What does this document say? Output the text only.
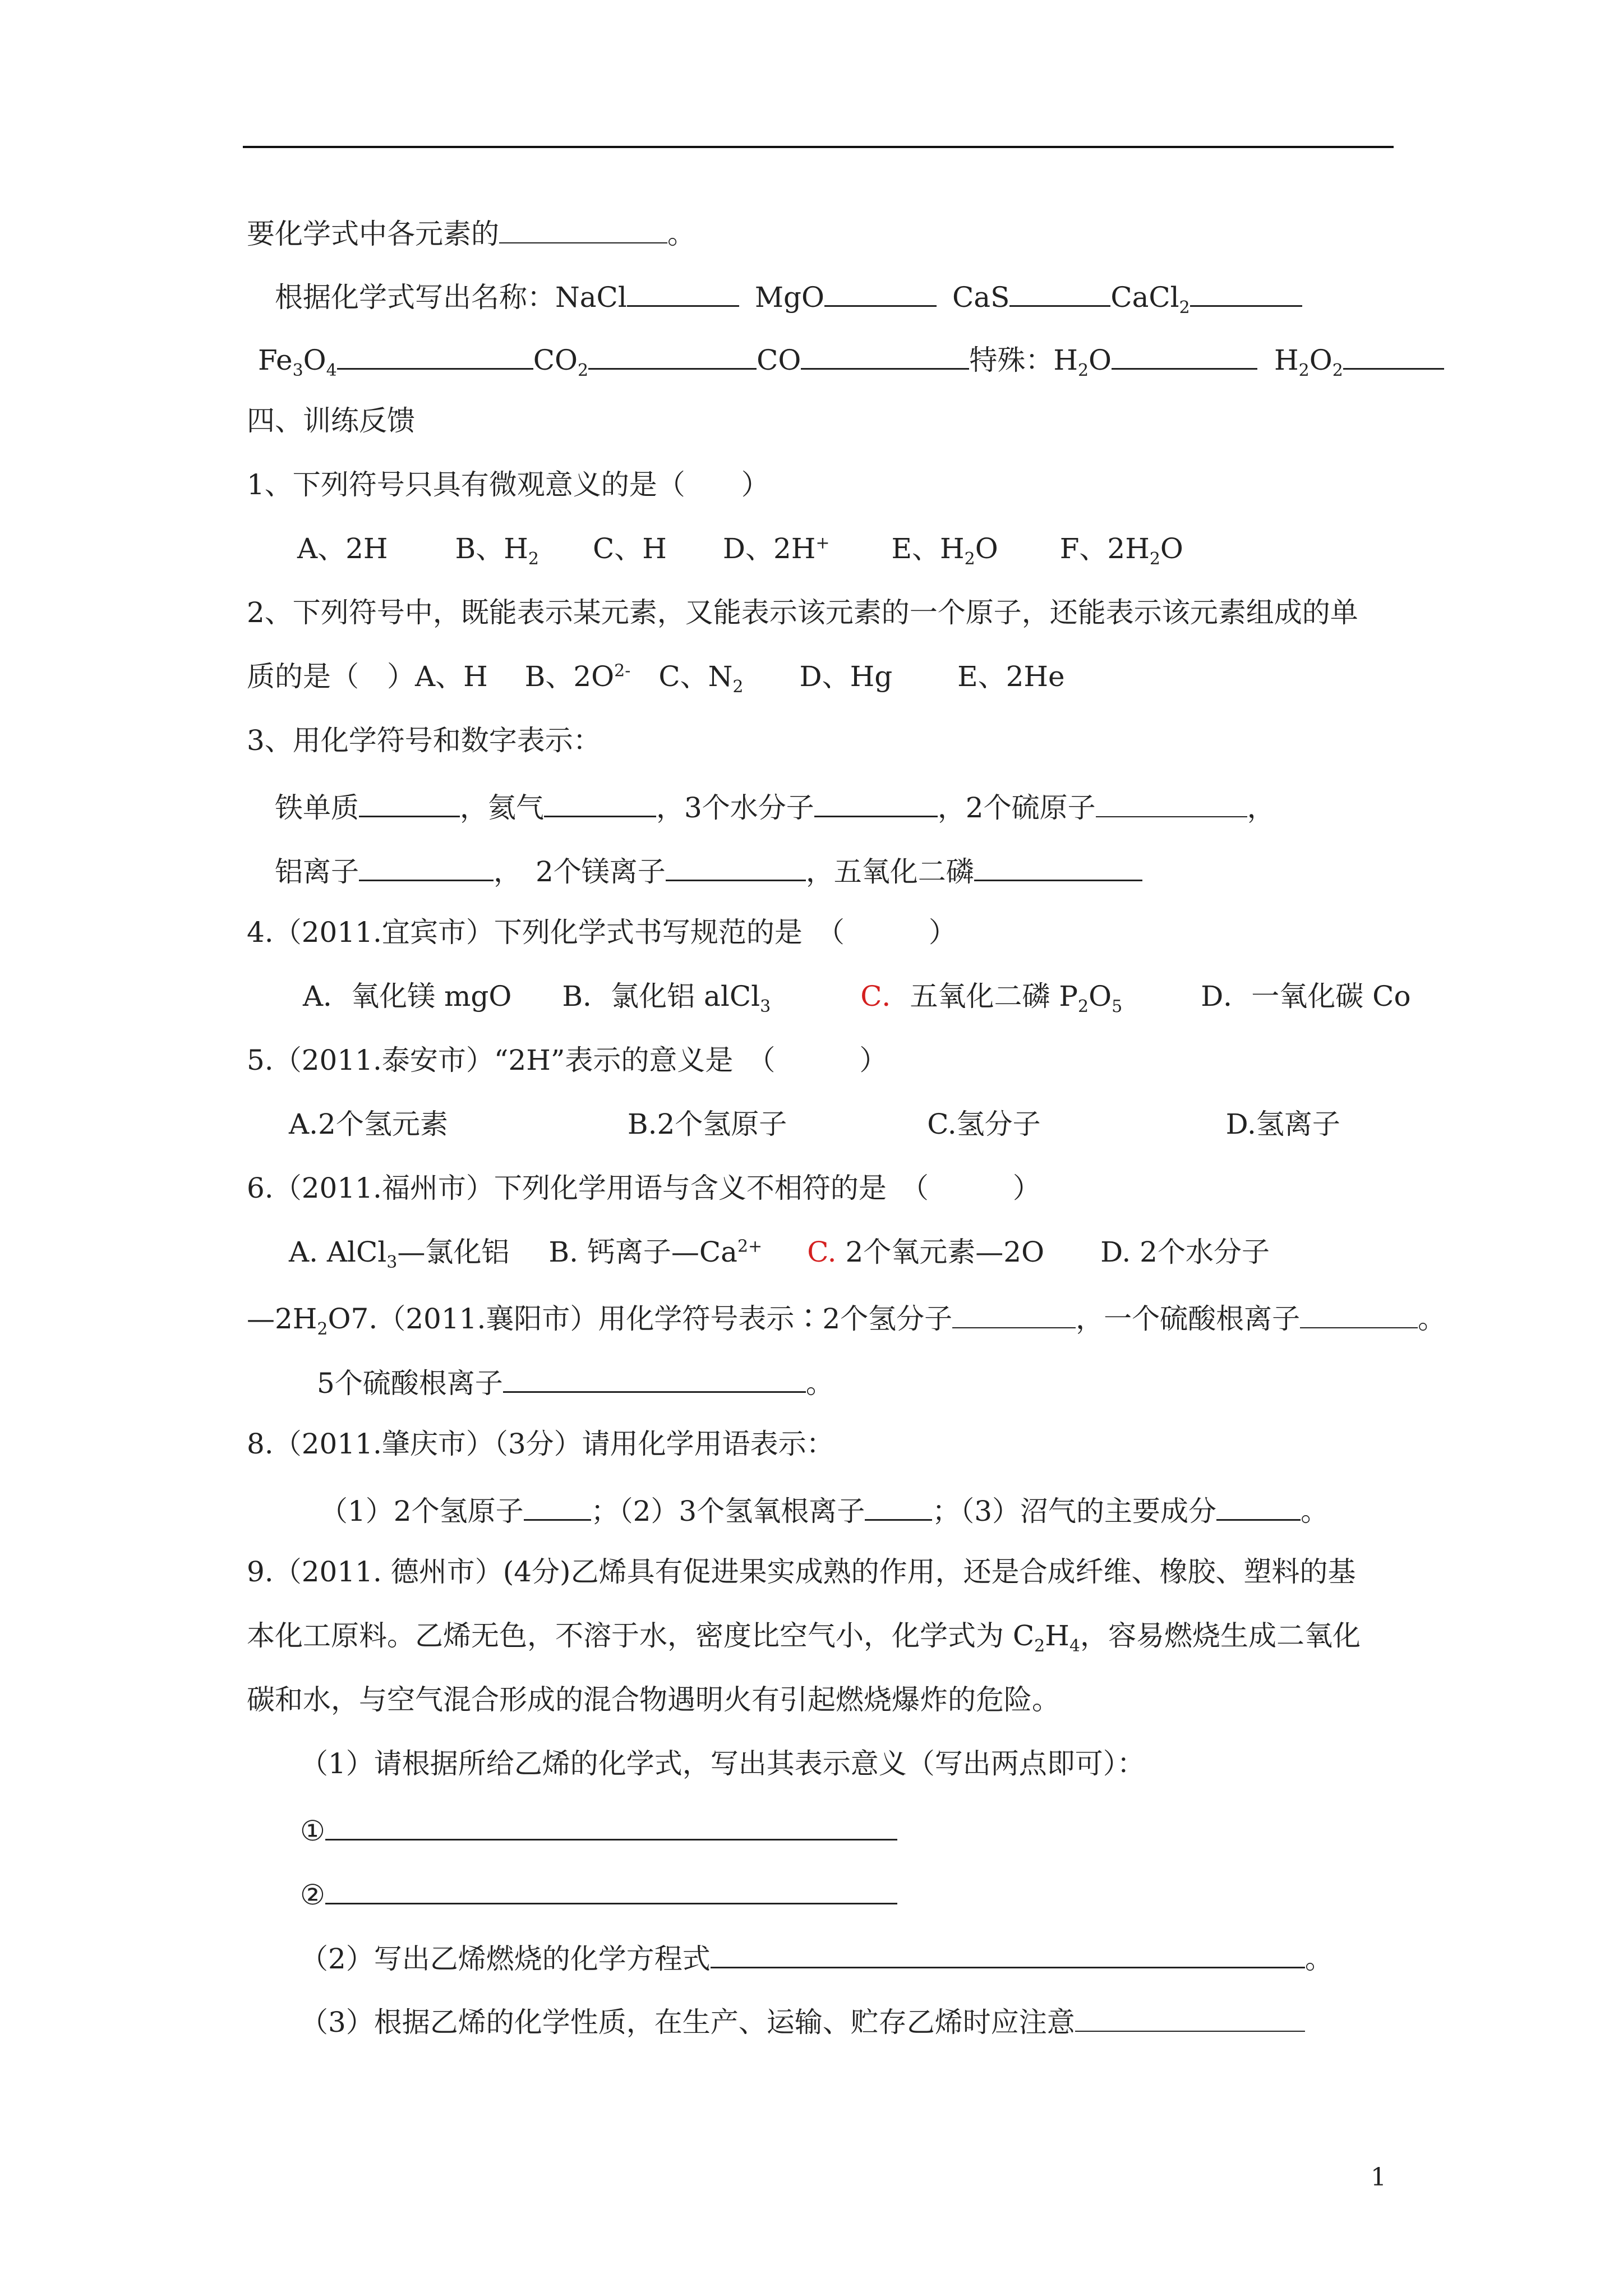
要化学式中各元素的	。
根据化学式写出名称：NaCl	MgO	CaS	CaCl$_2$
$Fe_3O_4$	$CO_2$	CO	特殊：$H_2O$	$H_2O_2$
四、训练反馈
1、下列符号只具有微观意义的是（　　）
A、2H B、$H_2$ C、H D、2H+ E、$H_2O$ F、$2H_2O$
2、下列符号中，既能表示某元素，又能表示该元素的一个原子，还能表示该元素组成的单
质的是（　）A、H　 B、$2O^{2-}$　C、$N_2$　　D、Hg　　 E、2He
3、用化学符号和数字表示：
铁单质	，氦气	，3个水分子	，2个硫原子	，
铝离子	，　2个镁离子	，五氧化二磷
4.（2011.宜宾市）下列化学式书写规范的是　（　　　）
A．氧化镁 mgO B．氯化铝 alCl$_3$	C．五氧化二磷 $P_2O_5$	D．一氧化碳 Co
5.（2011.泰安市）“2H”表示的意义是　（　　　）
A.2个氢元素	B.2个氢原子	C.氢分子	D.氢离子
6.（2011.福州市）下列化学用语与含义不相符的是　（　　　）
A. AlCl$_3$—氯化铝 B. 钙离子$—Ca^{2+}$ C. 2个氧元素—2O D. 2个水分子
$—2H_2O7.(2011$.襄阳市）用化学符号表示∶2个氢分子	，一个硫酸根离子	。
5个硫酸根离子	。
8.（2011.肇庆市）（3分）请用化学用语表示：
（1）2个氢原子 ；（2）3个氢氧根离子 ；（3）沼气的主要成分	。
9.（2011. 德州市）(4分)乙烯具有促进果实成熟的作用，还是合成纤维、橡胶、塑料的基
本化工原料。乙烯无色，不溶于水，密度比空气小，化学式为 $C_2H_4$，容易燃烧生成二氧化
碳和水，与空气混合形成的混合物遇明火有引起燃烧爆炸的危险。
（1）请根据所给乙烯的化学式，写出其表示意义（写出两点即可）：
①
②
（2）写出乙烯燃烧的化学方程式	。
（3）根据乙烯的化学性质，在生产、运输、贮存乙烯时应注意
1
